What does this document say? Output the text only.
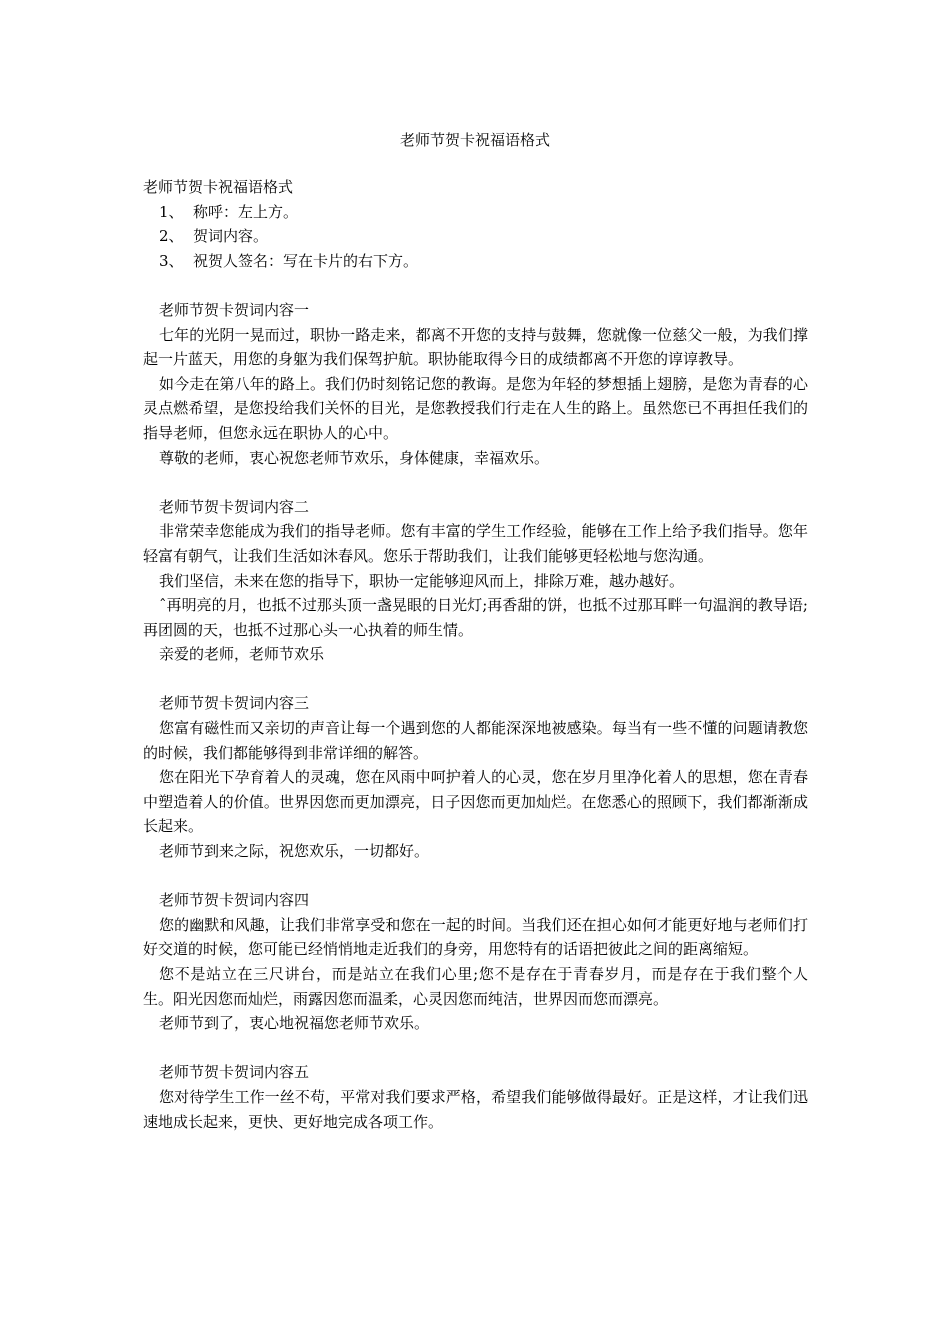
老师节贺卡祝福语格式

老师节贺卡祝福语格式

1、 称呼：左上方。

2、 贺词内容。

3、 祝贺人签名：写在卡片的右下方。

老师节贺卡贺词内容一

七年的光阴一晃而过，职协一路走来，都离不开您的支持与鼓舞，您就像一位慈父一般，为我们撑起一片蓝天，用您的身躯为我们保驾护航。职协能取得今日的成绩都离不开您的谆谆教导。

如今走在第八年的路上。我们仍时刻铭记您的教诲。是您为年轻的梦想插上翅膀，是您为青春的心灵点燃希望，是您投给我们关怀的目光，是您教授我们行走在人生的路上。虽然您已不再担任我们的指导老师，但您永远在职协人的心中。

尊敬的老师，衷心祝您老师节欢乐，身体健康，幸福欢乐。

老师节贺卡贺词内容二

非常荣幸您能成为我们的指导老师。您有丰富的学生工作经验，能够在工作上给予我们指导。您年轻富有朝气，让我们生活如沐春风。您乐于帮助我们，让我们能够更轻松地与您沟通。

我们坚信，未来在您的指导下，职协一定能够迎风而上，排除万难，越办越好。

ˆ再明亮的月，也抵不过那头顶一盏晃眼的日光灯;再香甜的饼，也抵不过那耳畔一句温润的教导语;再团圆的天，也抵不过那心头一心执着的师生情。

亲爱的老师，老师节欢乐

老师节贺卡贺词内容三

您富有磁性而又亲切的声音让每一个遇到您的人都能深深地被感染。每当有一些不懂的问题请教您的时候，我们都能够得到非常详细的解答。

您在阳光下孕育着人的灵魂，您在风雨中呵护着人的心灵，您在岁月里净化着人的思想，您在青春中塑造着人的价值。世界因您而更加漂亮，日子因您而更加灿烂。在您悉心的照顾下，我们都渐渐成长起来。

老师节到来之际，祝您欢乐，一切都好。

老师节贺卡贺词内容四

您的幽默和风趣，让我们非常享受和您在一起的时间。当我们还在担心如何才能更好地与老师们打好交道的时候，您可能已经悄悄地走近我们的身旁，用您特有的话语把彼此之间的距离缩短。

您不是站立在三尺讲台，而是站立在我们心里;您不是存在于青春岁月，而是存在于我们整个人生。阳光因您而灿烂，雨露因您而温柔，心灵因您而纯洁，世界因而您而漂亮。

老师节到了，衷心地祝福您老师节欢乐。

老师节贺卡贺词内容五

您对待学生工作一丝不苟，平常对我们要求严格，希望我们能够做得最好。正是这样，才让我们迅速地成长起来，更快、更好地完成各项工作。
